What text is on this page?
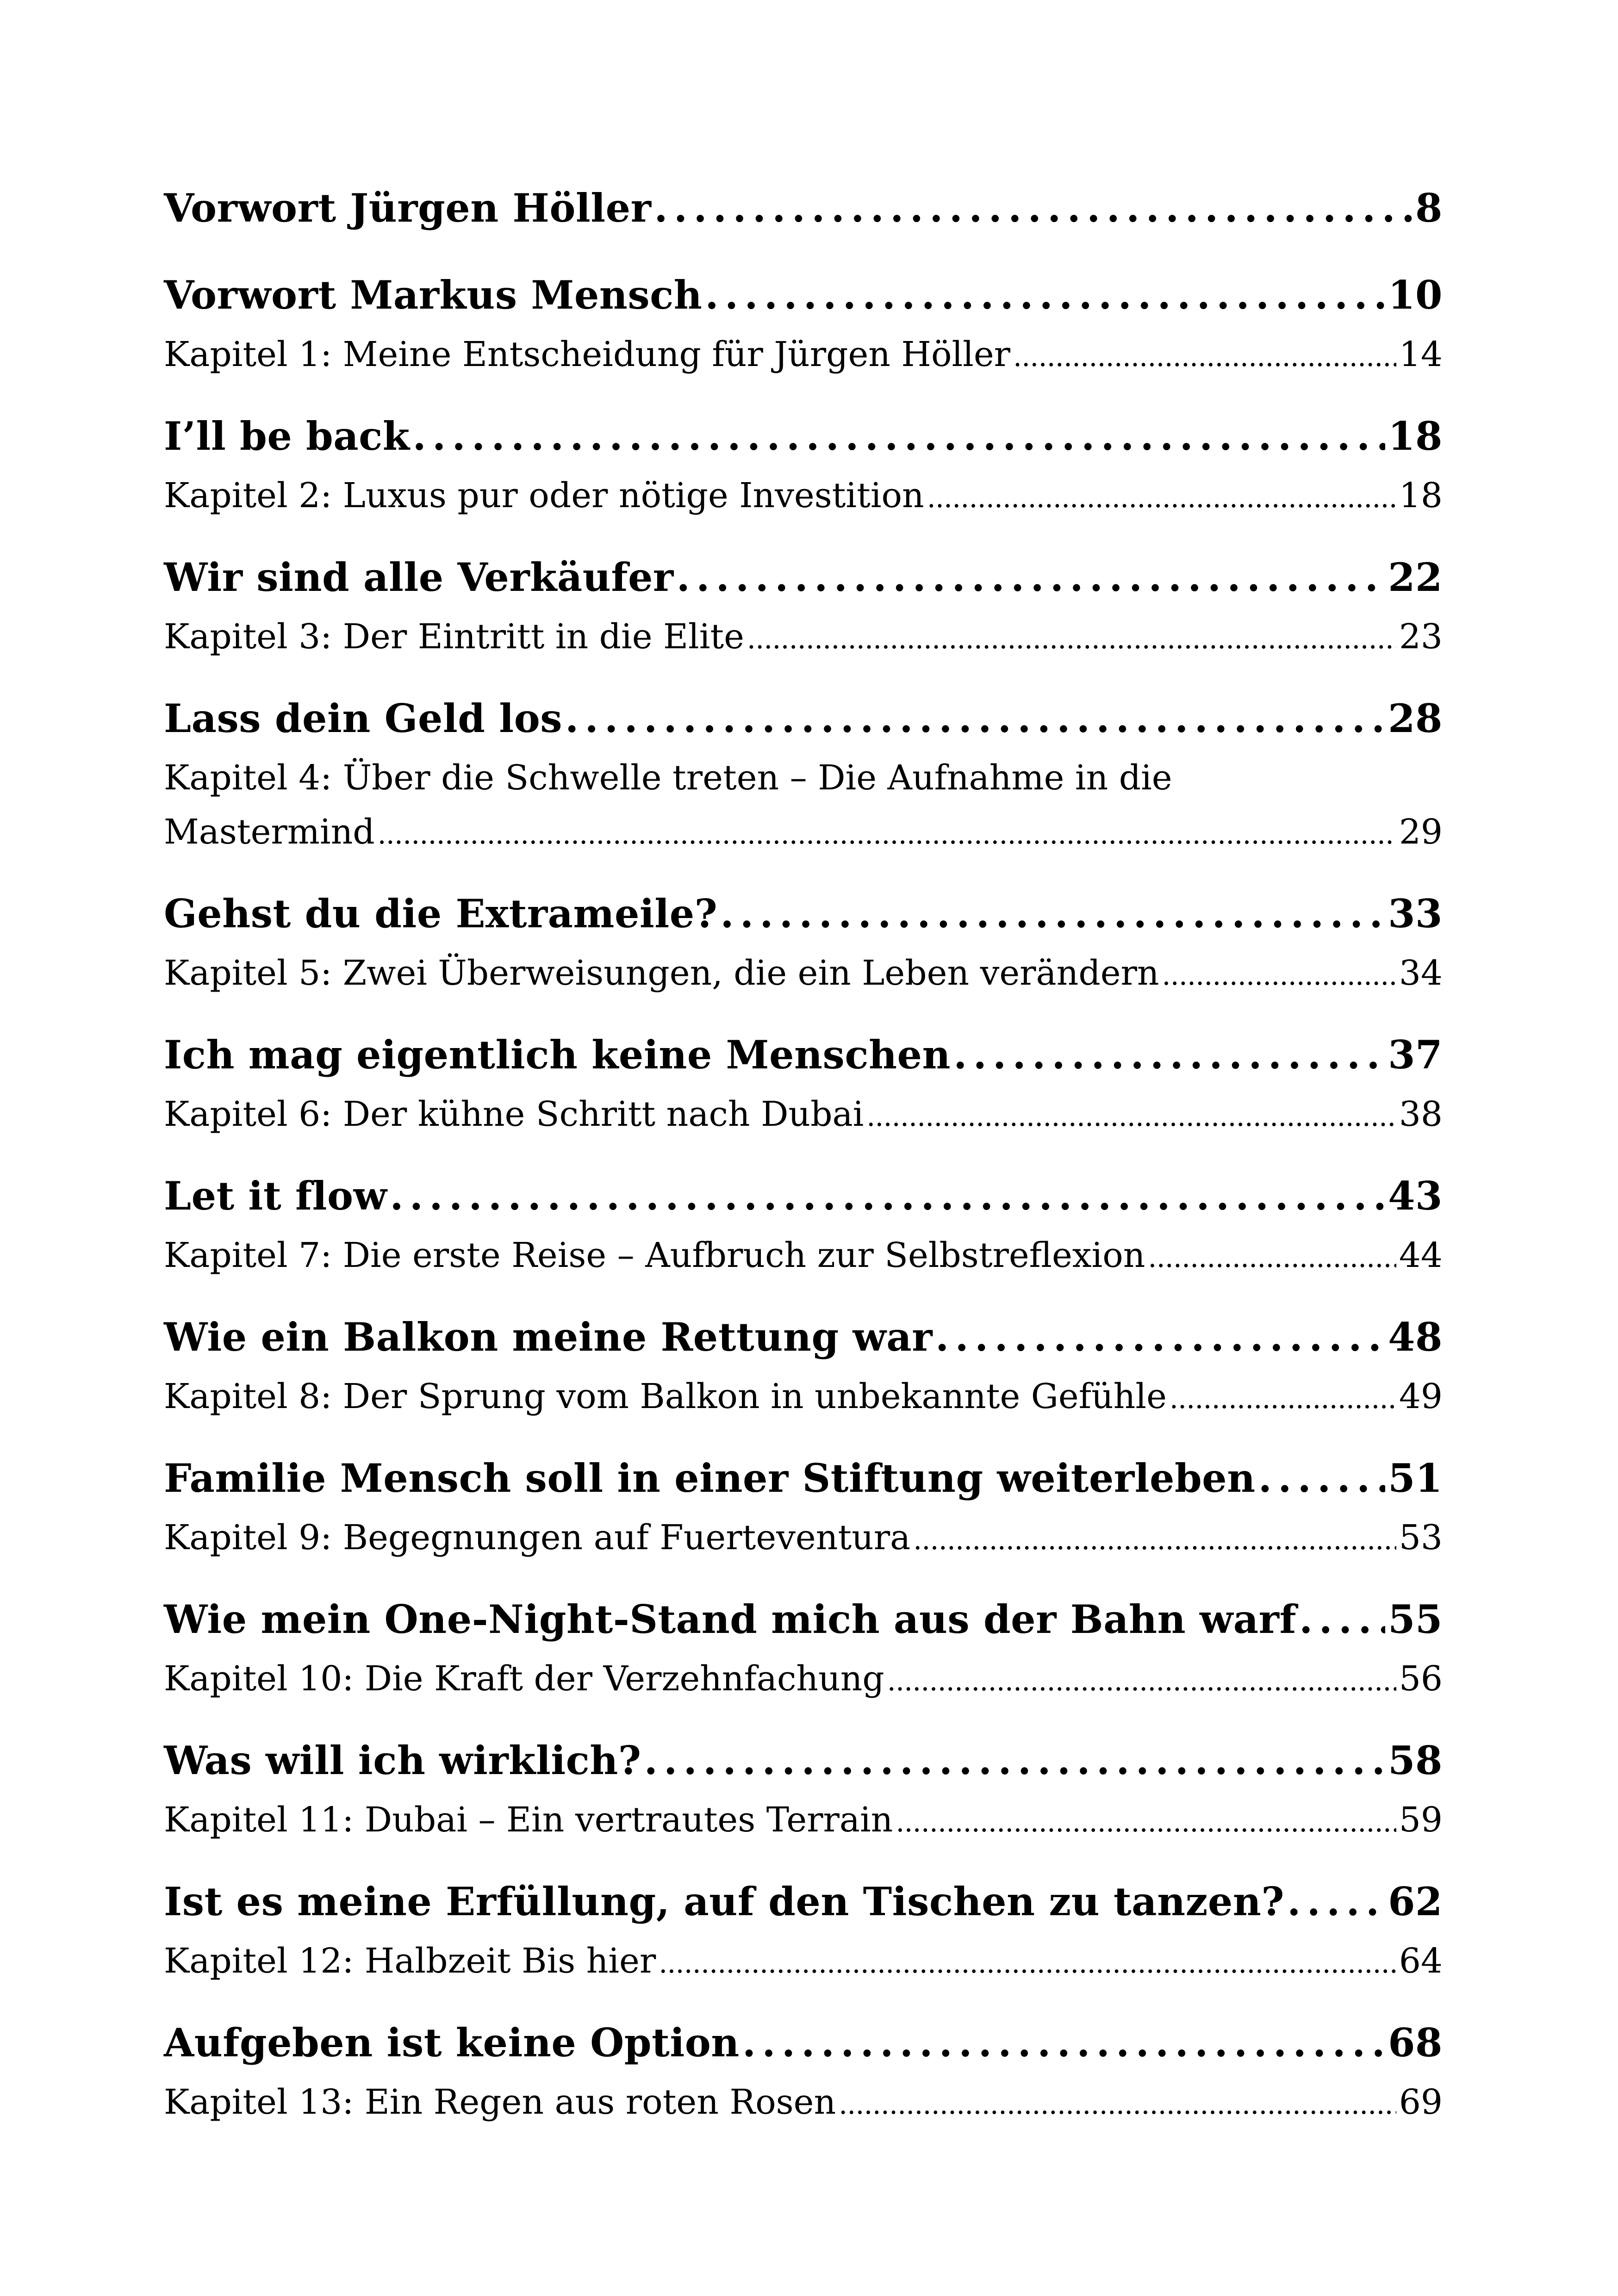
Vorwort Jürgen Höller . . .	8
Vorwort Markus Mensch . . .	10
Kapitel 1: Meine Entscheidung für Jürgen Höller . . .	14
I’ll be back . . .	18
Kapitel 2: Luxus pur oder nötige Investition . . .	18
Wir sind alle Verkäufer . . .	22
Kapitel 3: Der Eintritt in die Elite . . .	23
Lass dein Geld los . . .	28
Kapitel 4: Über die Schwelle treten – Die Aufnahme in die
Mastermind . . .	29
Gehst du die Extrameile? . . .	33
Kapitel 5: Zwei Überweisungen, die ein Leben verändern . . .	34
Ich mag eigentlich keine Menschen . . .	37
Kapitel 6: Der kühne Schritt nach Dubai . . .	38
Let it flow . . .	43
Kapitel 7: Die erste Reise – Aufbruch zur Selbstreflexion . . .	44
Wie ein Balkon meine Rettung war . . .	48
Kapitel 8: Der Sprung vom Balkon in unbekannte Gefühle . . .	49
Familie Mensch soll in einer Stiftung weiterleben . . .	51
Kapitel 9: Begegnungen auf Fuerteventura . . .	53
Wie mein One-Night-Stand mich aus der Bahn warf . . . 55
Kapitel 10: Die Kraft der Verzehnfachung . . .	56
Was will ich wirklich? . . .	58
Kapitel 11: Dubai – Ein vertrautes Terrain . . .	59
Ist es meine Erfüllung, auf den Tischen zu tanzen? . . .	62
Kapitel 12: Halbzeit Bis hier . . .	64
Aufgeben ist keine Option . . .	68
Kapitel 13: Ein Regen aus roten Rosen . . .	69
